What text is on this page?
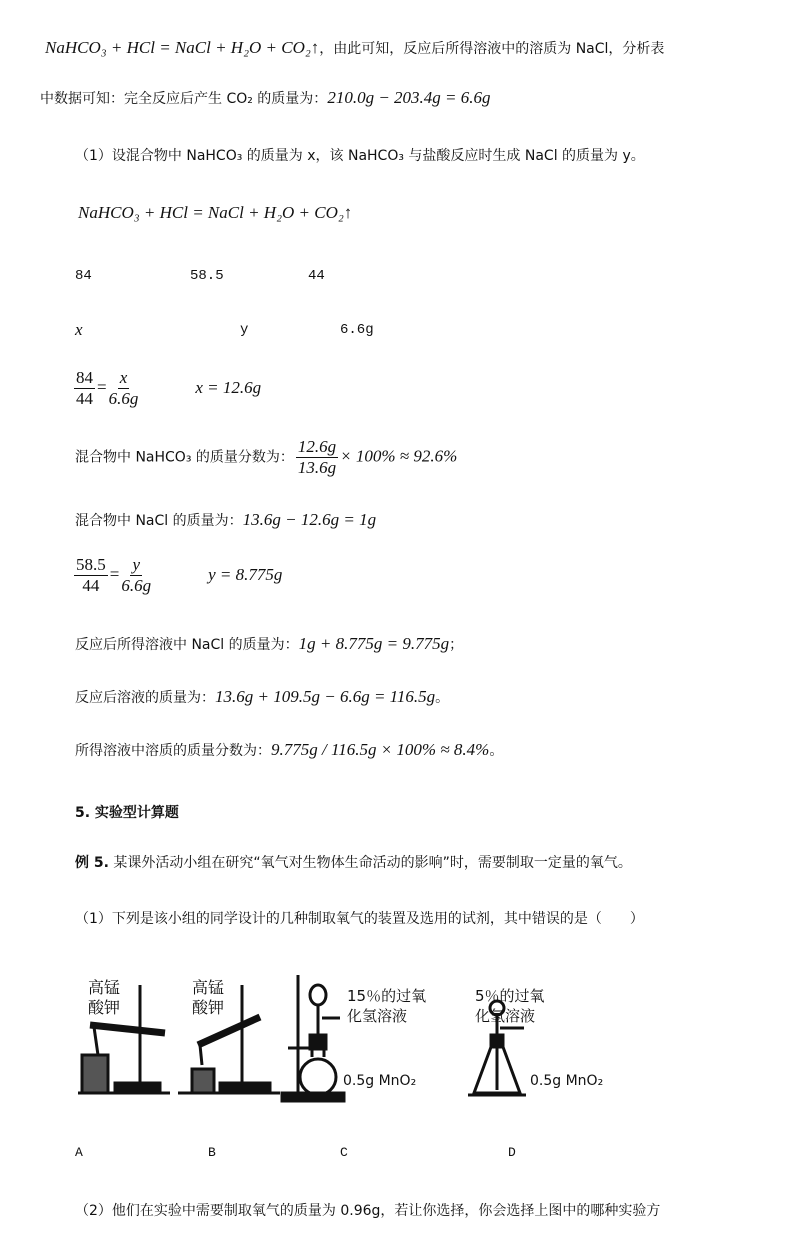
NaHCO₃ + HCl = NaCl + H₂O + CO₂↑，由此可知，反应后所得溶液中的溶质为 NaCl，分析表
中数据可知：完全反应后产生 CO₂ 的质量为：210.0g − 203.4g = 6.6g
（1）设混合物中 NaHCO₃ 的质量为 x，该 NaHCO₃ 与盐酸反应时生成 NaCl 的质量为 y。
NaHCO₃ + HCl = NaCl + H₂O + CO₂↑
84	58.5	44
x	y	6.6g
$\frac{84}{44} = \frac{x}{6.6g}$	x = 12.6g
混合物中 NaHCO₃ 的质量分数为： $\frac{12.6g}{13.6g} \times 100\% \approx 92.6\%$
混合物中 NaCl 的质量为：13.6g − 12.6g = 1g
$\frac{58.5}{44} = \frac{y}{6.6g}$	y = 8.775g
反应后所得溶液中 NaCl 的质量为：1g + 8.775g = 9.775g；
反应后溶液的质量为：13.6g + 109.5g − 6.6g = 116.5g。
所得溶液中溶质的质量分数为：9.775g / 116.5g × 100% ≈ 8.4%。
5. 实验型计算题
例 5. 某课外活动小组在研究“氧气对生物体生命活动的影响”时，需要制取一定量的氧气。
（1）下列是该小组的同学设计的几种制取氧气的装置及选用的试剂，其中错误的是（　　）
高锰
酸钾
高锰
酸钾
15％的过氧
化氢溶液
0.5g MnO₂
5％的过氧
化氢溶液
0.5g MnO₂
A	B	C	D
（2）他们在实验中需要制取氧气的质量为 0.96g，若让你选择，你会选择上图中的哪种实验方
